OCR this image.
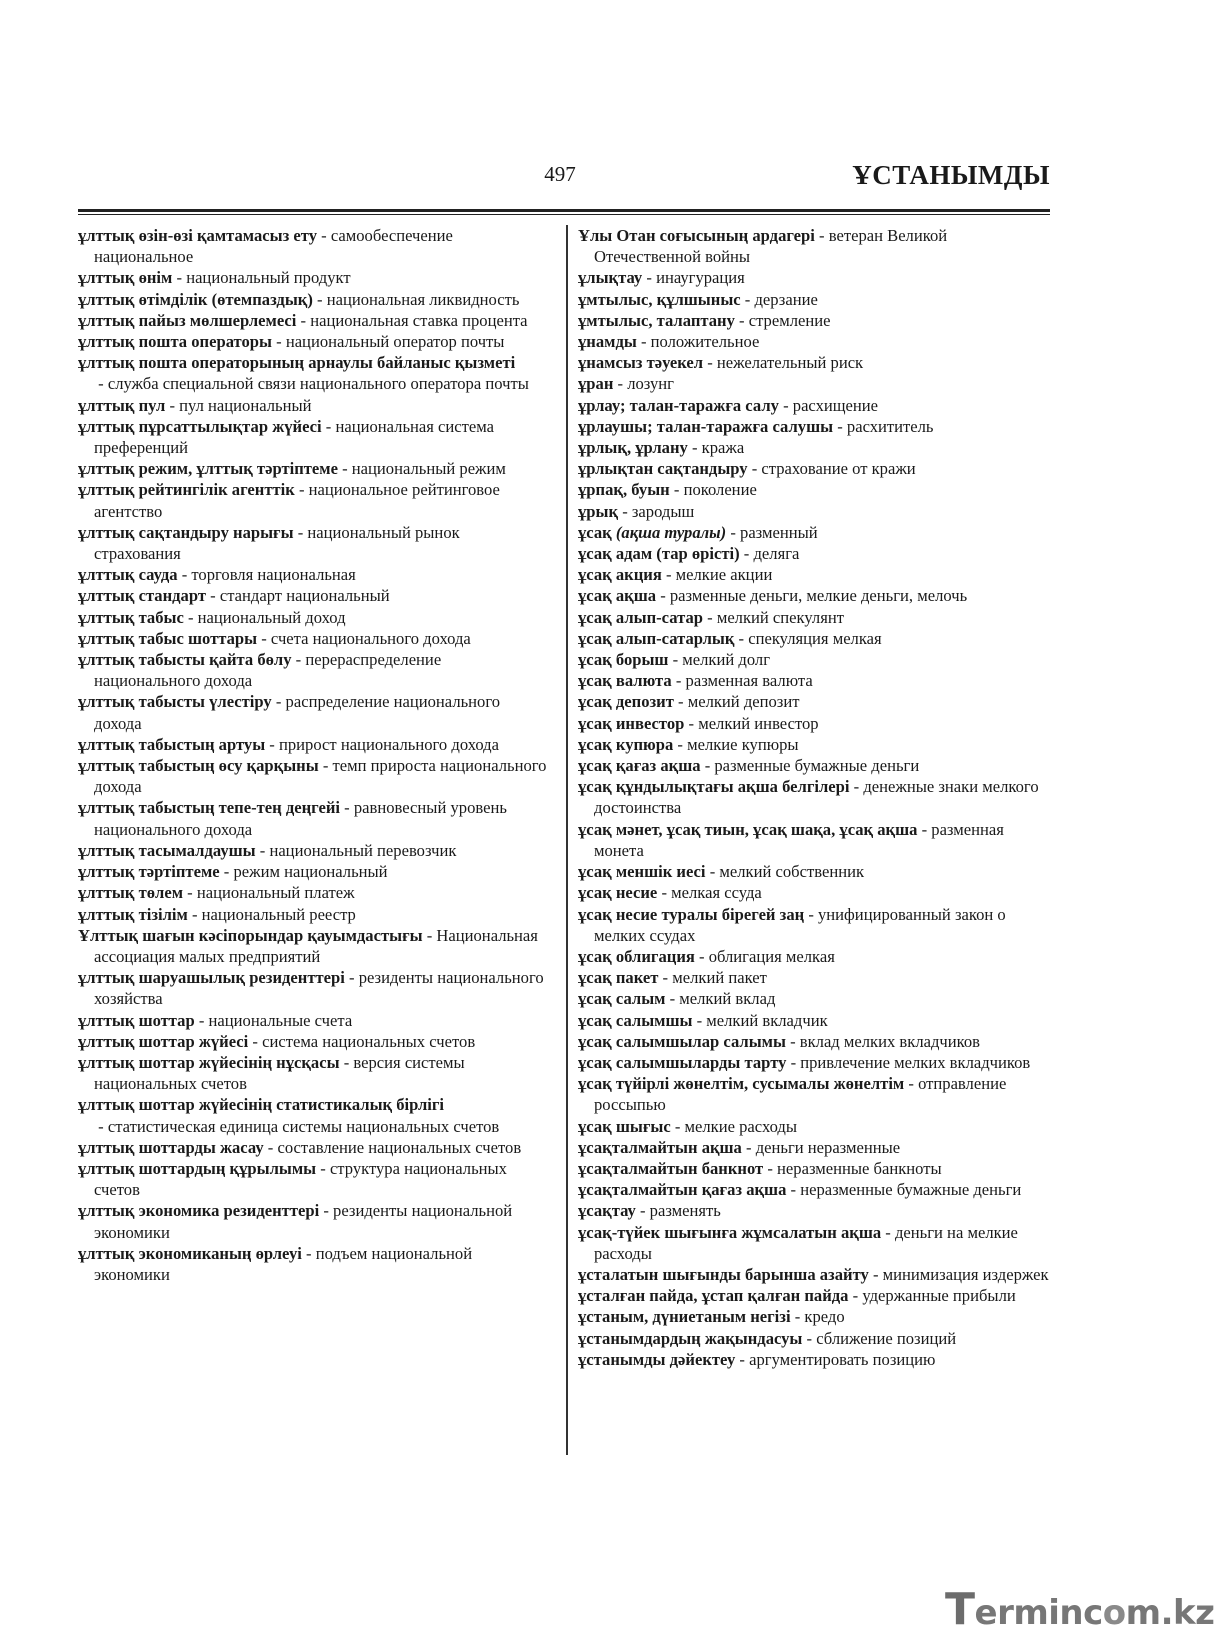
497	ҰСТАНЫМДЫ

ұлттық өзін-өзі қамтамасыз ету - самообеспечение национальное

ұлттық өнім - национальный продукт

ұлттық өтімділік (өтемпаздық) - национальная ликвидность

ұлттық пайыз мөлшерлемесі - национальная ставка процента

ұлттық пошта операторы - национальный оператор почты

ұлттық пошта операторының арнаулы байланыс қызметі - служба специальной связи национального оператора почты

ұлттық пул - пул национальный

ұлттық пұрсаттылықтар жүйесі - национальная система преференций

ұлттық режим, ұлттық тәртіптеме - национальный режим

ұлттық рейтингілік агенттік - национальное рейтинговое агентство

ұлттық сақтандыру нарығы - национальный рынок страхования

ұлттық сауда - торговля национальная

ұлттық стандарт - стандарт национальный

ұлттық табыс - национальный доход

ұлттық табыс шоттары - счета национального дохода

ұлттық табысты қайта бөлу - перераспределение национального дохода

ұлттық табысты үлестіру - распределение национального дохода

ұлттық табыстың артуы - прирост национального дохода

ұлттық табыстың өсу қарқыны - темп прироста национального дохода

ұлттық табыстың тепе-тең деңгейі - равновесный уровень национального дохода

ұлттық тасымалдаушы - национальный перевозчик

ұлттық тәртіптеме - режим национальный

ұлттық төлем - национальный платеж

ұлттық тізілім - национальный реестр

Ұлттық шағын кәсіпорындар қауымдастығы - Национальная ассоциация малых предприятий

ұлттық шаруашылық резиденттері - резиденты национального хозяйства

ұлттық шоттар - национальные счета

ұлттық шоттар жүйесі - система национальных счетов

ұлттық шоттар жүйесінің нұсқасы - версия системы национальных счетов

ұлттық шоттар жүйесінің статистикалық бірлігі - статистическая единица системы национальных счетов

ұлттық шоттарды жасау - составление национальных счетов

ұлттық шоттардың құрылымы - структура национальных счетов

ұлттық экономика резиденттері - резиденты национальной экономики

ұлттық экономиканың өрлеуі - подъем национальной экономики

Ұлы Отан соғысының ардагері - ветеран Великой Отечественной войны

ұлықтау - инаугурация

ұмтылыс, құлшыныс - дерзание

ұмтылыс, талаптану - стремление

ұнамды - положительное

ұнамсыз тәуекел - нежелательный риск

ұран - лозунг

ұрлау; талан-таражға салу - расхищение

ұрлаушы; талан-таражға салушы - расхититель

ұрлық, ұрлану - кража

ұрлықтан сақтандыру - страхование от кражи

ұрпақ, буын - поколение

ұрық - зародыш

ұсақ (ақша туралы) - разменный

ұсақ адам (тар өрісті) - деляга

ұсақ акция - мелкие акции

ұсақ ақша - разменные деньги, мелкие деньги, мелочь

ұсақ алып-сатар - мелкий спекулянт

ұсақ алып-сатарлық - спекуляция мелкая

ұсақ борыш - мелкий долг

ұсақ валюта - разменная валюта

ұсақ депозит - мелкий депозит

ұсақ инвестор - мелкий инвестор

ұсақ купюра - мелкие купюры

ұсақ қағаз ақша - разменные бумажные деньги

ұсақ құндылықтағы ақша белгілері - денежные знаки мелкого достоинства

ұсақ мәнет, ұсақ тиын, ұсақ шақа, ұсақ ақша - разменная монета

ұсақ меншік иесі - мелкий собственник

ұсақ несие - мелкая ссуда

ұсақ несие туралы бірегей заң - унифицированный закон о мелких ссудах

ұсақ облигация - облигация мелкая

ұсақ пакет - мелкий пакет

ұсақ салым - мелкий вклад

ұсақ салымшы - мелкий вкладчик

ұсақ салымшылар салымы - вклад мелких вкладчиков

ұсақ салымшыларды тарту - привлечение мелких вкладчиков

ұсақ түйірлі жөнелтім, сусымалы жөнелтім - отправление россыпью

ұсақ шығыс - мелкие расходы

ұсақталмайтын ақша - деньги неразменные

ұсақталмайтын банкнот - неразменные банкноты

ұсақталмайтын қағаз ақша - неразменные бумажные деньги

ұсақтау - разменять

ұсақ-түйек шығынға жұмсалатын ақша - деньги на мелкие расходы

ұсталатын шығынды барынша азайту - минимизация издержек

ұсталған пайда, ұстап қалған пайда - удержанные прибыли

ұстаным, дүниетаным негізі - кредо

ұстанымдардың жақындасуы - сближение позиций

ұстанымды дәйектеу - аргументировать позицию

Termincom.kz
